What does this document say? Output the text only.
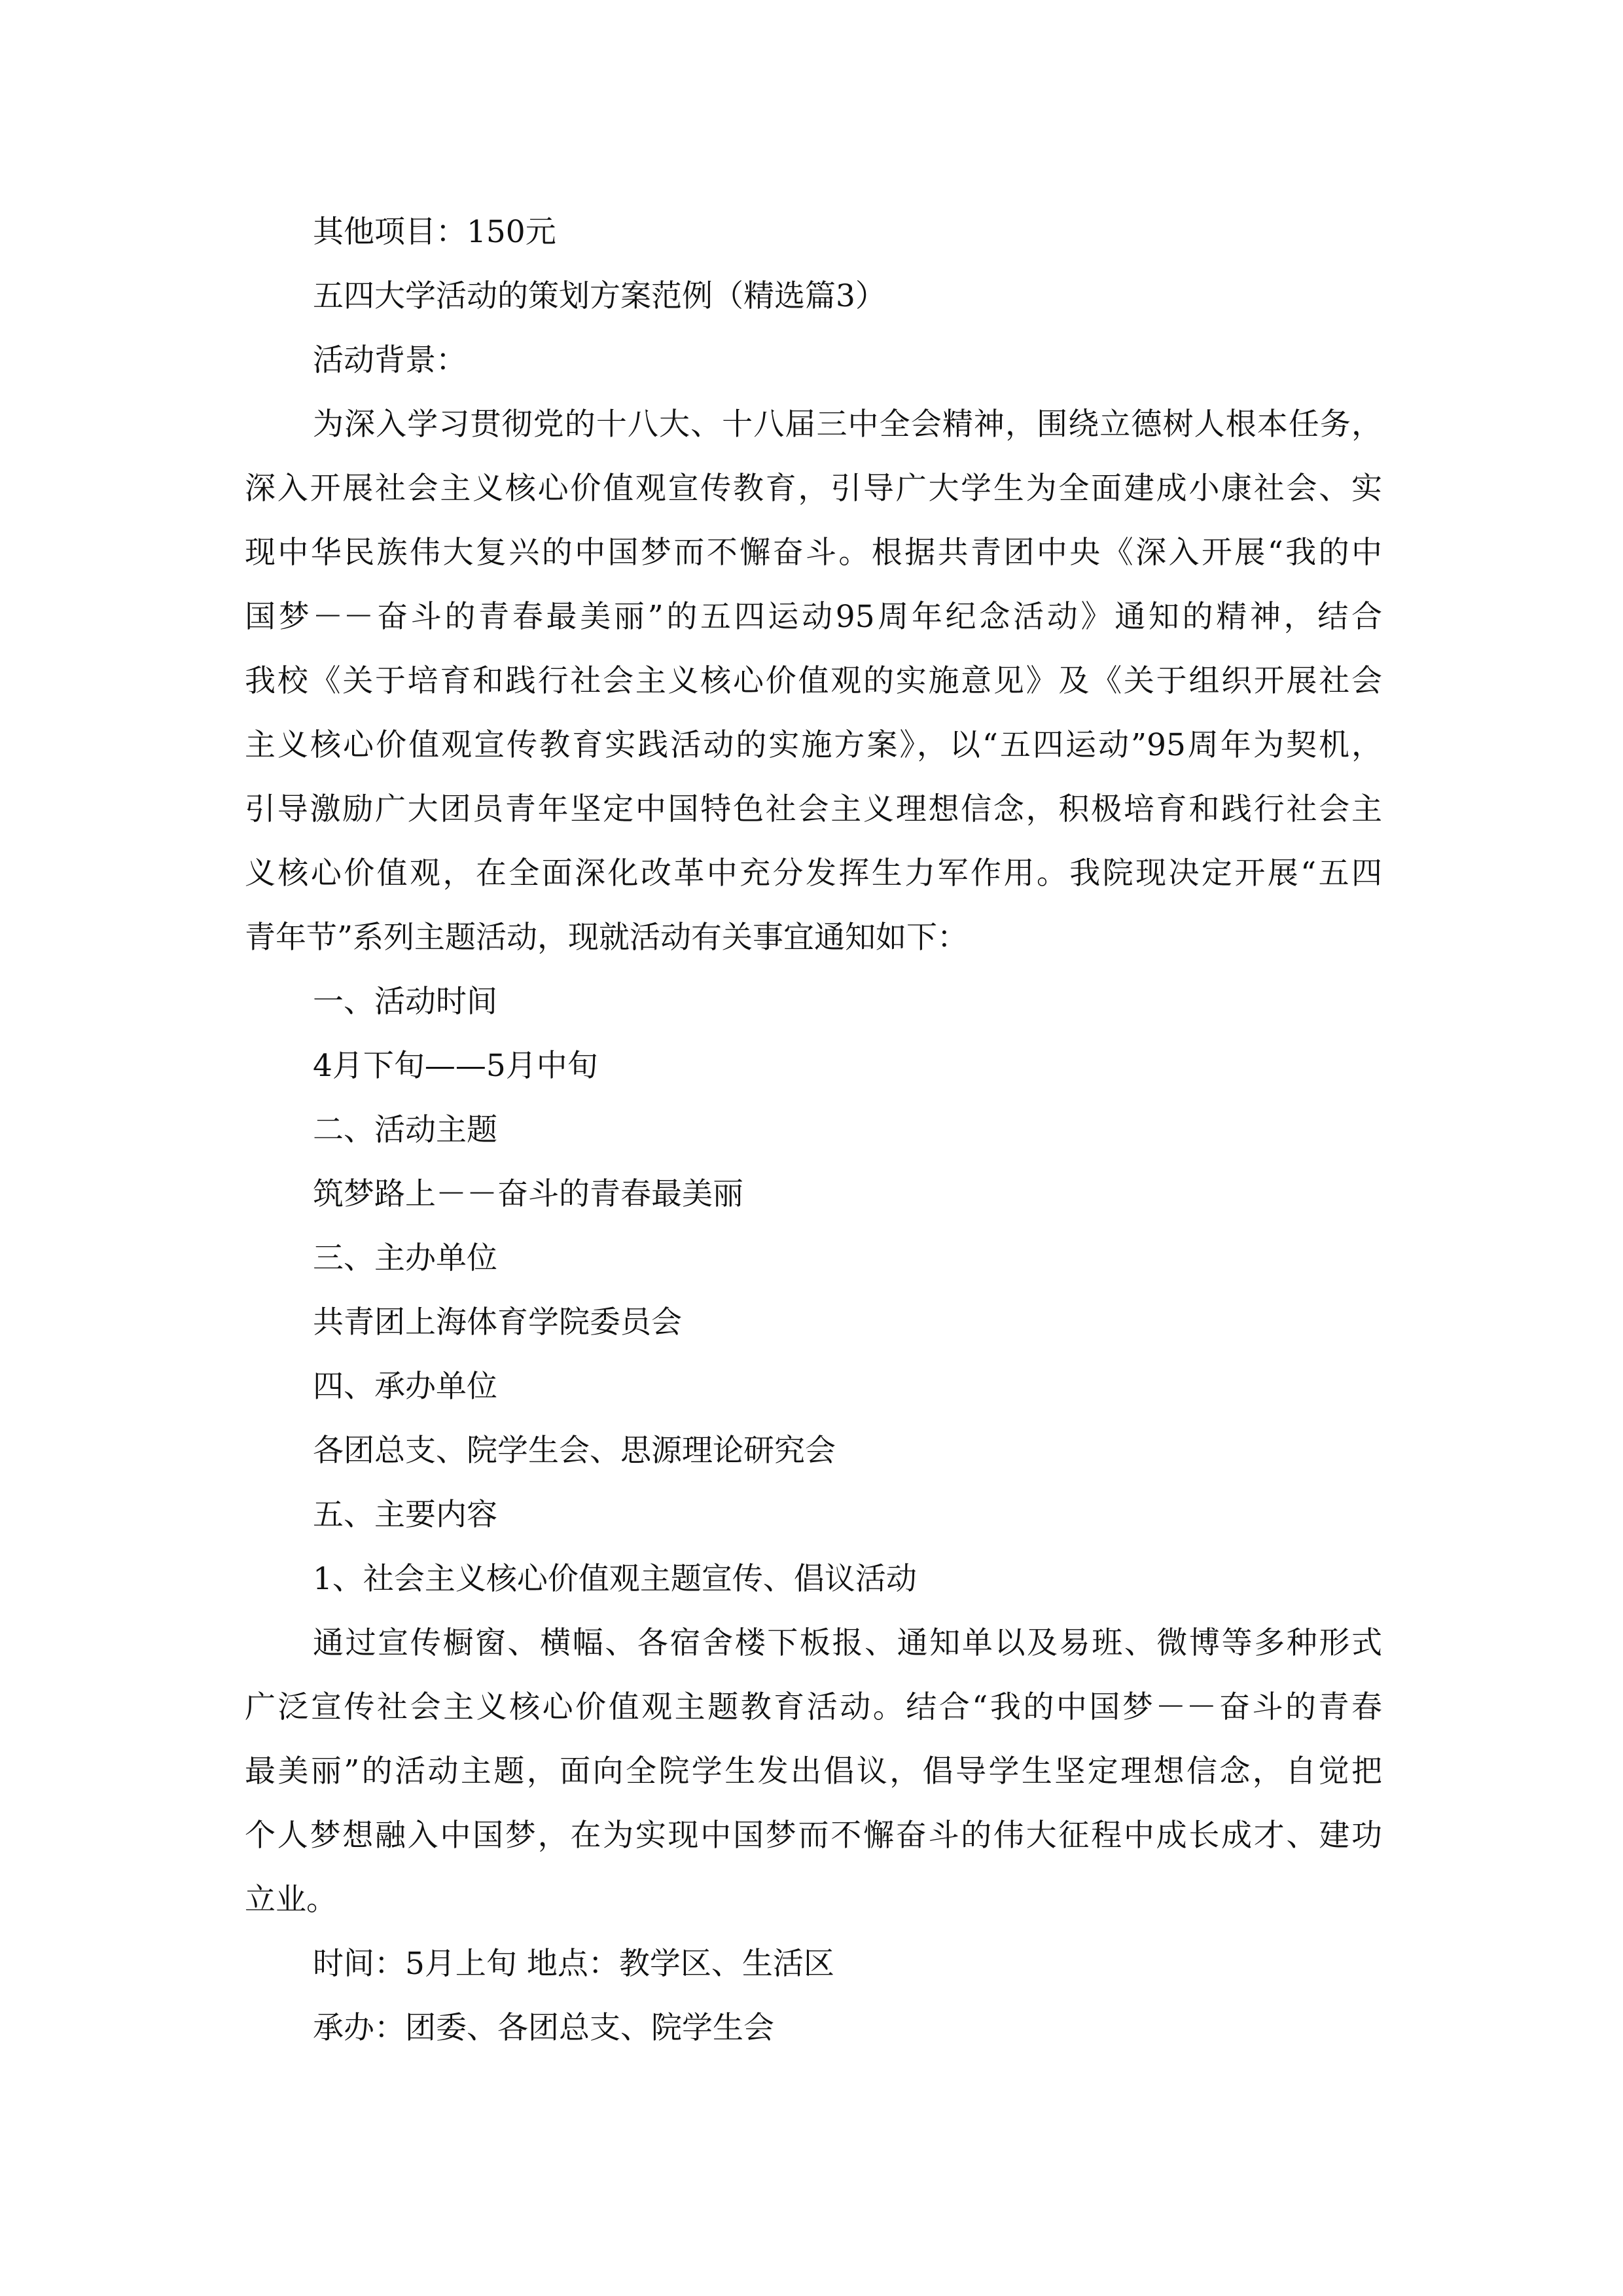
其他项目：150元

五四大学活动的策划方案范例（精选篇3）

活动背景：

为深入学习贯彻党的十八大、十八届三中全会精神，围绕立德树人根本任务，

深入开展社会主义核心价值观宣传教育，引导广大学生为全面建成小康社会、实

现中华民族伟大复兴的中国梦而不懈奋斗。根据共青团中央《深入开展“我的中

国梦－－奋斗的青春最美丽”的五四运动95周年纪念活动》通知的精神，结合

我校《关于培育和践行社会主义核心价值观的实施意见》及《关于组织开展社会

主义核心价值观宣传教育实践活动的实施方案》，以“五四运动”95周年为契机，

引导激励广大团员青年坚定中国特色社会主义理想信念，积极培育和践行社会主

义核心价值观，在全面深化改革中充分发挥生力军作用。我院现决定开展“五四

青年节”系列主题活动，现就活动有关事宜通知如下：

一、活动时间

4月下旬——5月中旬

二、活动主题

筑梦路上－－奋斗的青春最美丽

三、主办单位

共青团上海体育学院委员会

四、承办单位

各团总支、院学生会、思源理论研究会

五、主要内容

1、社会主义核心价值观主题宣传、倡议活动

通过宣传橱窗、横幅、各宿舍楼下板报、通知单以及易班、微博等多种形式

广泛宣传社会主义核心价值观主题教育活动。结合“我的中国梦－－奋斗的青春

最美丽”的活动主题，面向全院学生发出倡议，倡导学生坚定理想信念，自觉把

个人梦想融入中国梦，在为实现中国梦而不懈奋斗的伟大征程中成长成才、建功

立业。

时间：5月上旬 地点：教学区、生活区

承办：团委、各团总支、院学生会
